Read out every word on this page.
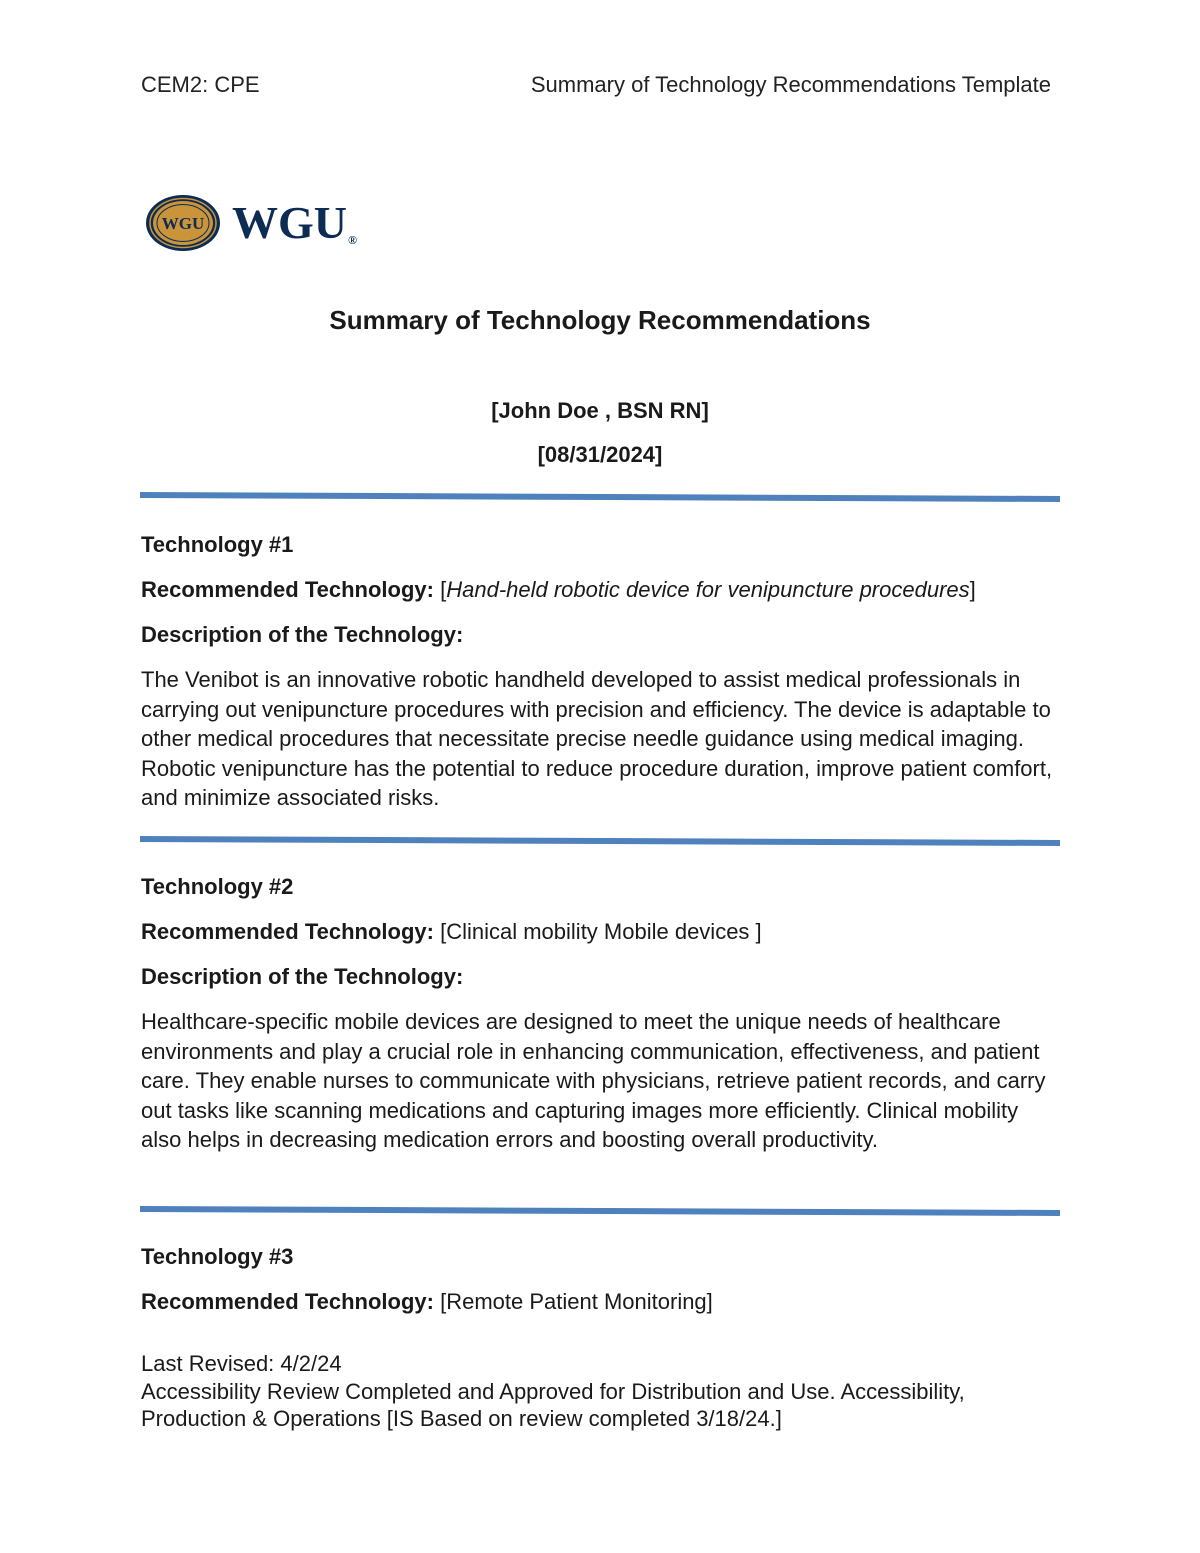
CEM2: CPE	Summary of Technology Recommendations Template
WGU WGU®
Summary of Technology Recommendations
[John Doe , BSN RN]
[08/31/2024]

Technology #1

Recommended Technology: [Hand-held robotic device for venipuncture procedures]

Description of the Technology:

The Venibot is an innovative robotic handheld developed to assist medical professionals in carrying out venipuncture procedures with precision and efficiency. The device is adaptable to other medical procedures that necessitate precise needle guidance using medical imaging. Robotic venipuncture has the potential to reduce procedure duration, improve patient comfort, and minimize associated risks.

Technology #2

Recommended Technology: [Clinical mobility Mobile devices ]

Description of the Technology:

Healthcare-specific mobile devices are designed to meet the unique needs of healthcare environments and play a crucial role in enhancing communication, effectiveness, and patient care. They enable nurses to communicate with physicians, retrieve patient records, and carry out tasks like scanning medications and capturing images more efficiently. Clinical mobility also helps in decreasing medication errors and boosting overall productivity.

Technology #3

Recommended Technology: [Remote Patient Monitoring]

Last Revised: 4/2/24

Accessibility Review Completed and Approved for Distribution and Use. Accessibility, Production & Operations [IS Based on review completed 3/18/24.]
